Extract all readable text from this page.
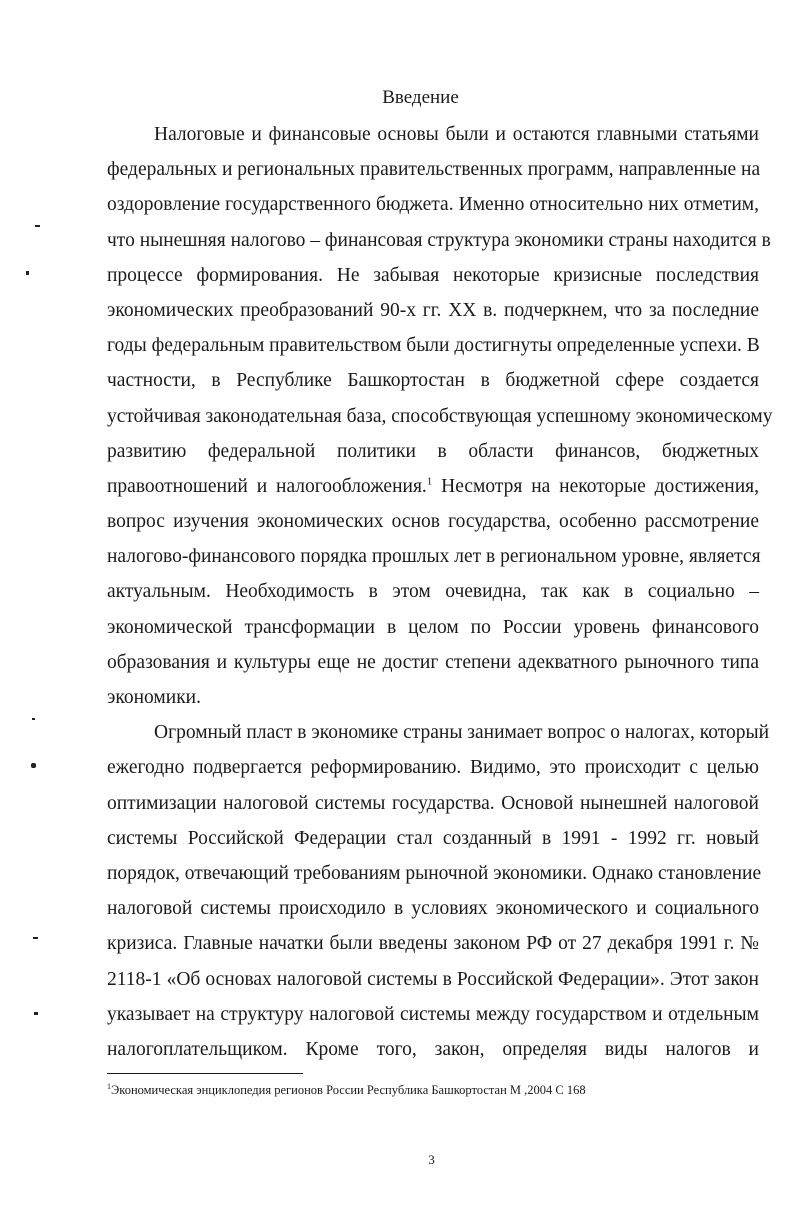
Введение
Налоговые и финансовые основы были и остаются главными статьями
федеральных и региональных правительственных программ, направленные на
оздоровление государственного бюджета. Именно относительно них отметим,
что нынешняя налогово – финансовая структура экономики страны находится в
процессе формирования. Не забывая некоторые кризисные последствия
экономических преобразований 90-х гг. XX в. подчеркнем, что за последние
годы федеральным правительством были достигнуты определенные успехи. В
частности, в Республике Башкортостан в бюджетной сфере создается
устойчивая законодательная база, способствующая успешному экономическому
развитию федеральной политики в области финансов, бюджетных
правоотношений и налогообложения.$^1$ Несмотря на некоторые достижения,
вопрос изучения экономических основ государства, особенно рассмотрение
налогово-финансового порядка прошлых лет в региональном уровне, является
актуальным. Необходимость в этом очевидна, так как в социально –
экономической трансформации в целом по России уровень финансового
образования и культуры еще не достиг степени адекватного рыночного типа
экономики.
Огромный пласт в экономике страны занимает вопрос о налогах, который
ежегодно подвергается реформированию. Видимо, это происходит с целью
оптимизации налоговой системы государства. Основой нынешней налоговой
системы Российской Федерации стал созданный в 1991 - 1992 гг. новый
порядок, отвечающий требованиям рыночной экономики. Однако становление
налоговой системы происходило в условиях экономического и социального
кризиса. Главные начатки были введены законом РФ от 27 декабря 1991 г. №
2118-1 «Об основах налоговой системы в Российской Федерации». Этот закон
указывает на структуру налоговой системы между государством и отдельным
налогоплательщиком. Кроме того, закон, определяя виды налогов и
$^1$Экономическая энциклопедия регионов России Республика Башкортостан М ,2004 С 168
3
